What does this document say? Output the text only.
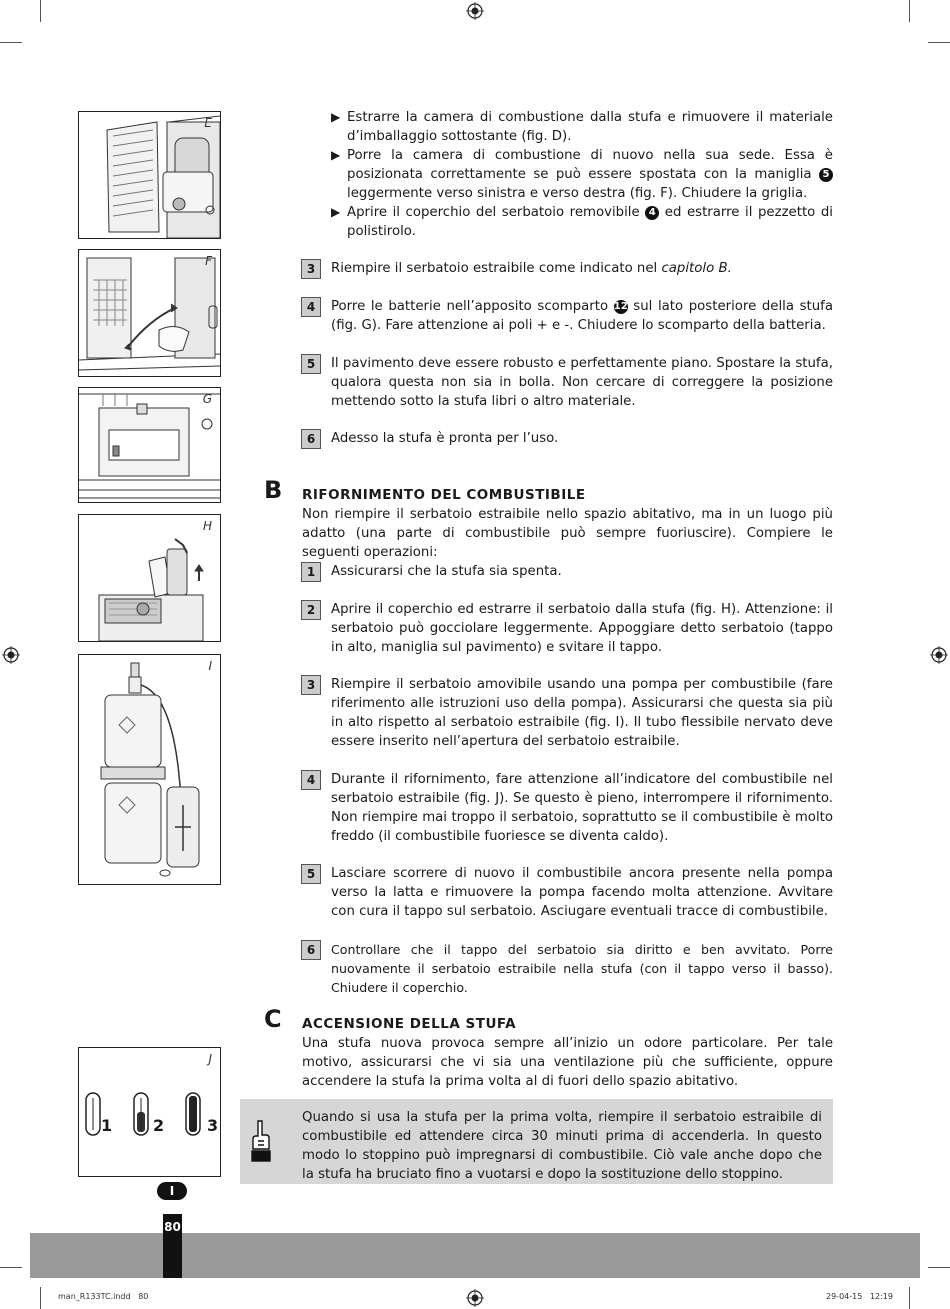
E
F
G
H
I
J
1	2	3
▶ Estrarre la camera di combustione dalla stufa e rimuovere il materiale d’imballaggio sottostante (fig. D).
▶ Porre la camera di combustione di nuovo nella sua sede. Essa è posizionata correttamente se può essere spostata con la maniglia 5 leggermente verso sinistra e verso destra (fig. F). Chiudere la griglia.
▶ Aprire il coperchio del serbatoio removibile 4 ed estrarre il pezzetto di polistirolo.
3	Riempire il serbatoio estraibile come indicato nel capitolo B.
4	Porre le batterie nell’apposito scomparto 12 sul lato posteriore della stufa (fig. G). Fare attenzione ai poli + e -. Chiudere lo scomparto della batteria.
5	Il pavimento deve essere robusto e perfettamente piano. Spostare la stufa, qualora questa non sia in bolla. Non cercare di correggere la posizione mettendo sotto la stufa libri o altro materiale.
6	Adesso la stufa è pronta per l’uso.
B RIFORNIMENTO DEL COMBUSTIBILE
Non riempire il serbatoio estraibile nello spazio abitativo, ma in un luogo più adatto (una parte di combustibile può sempre fuoriuscire). Compiere le seguenti operazioni:
1	Assicurarsi che la stufa sia spenta.
2	Aprire il coperchio ed estrarre il serbatoio dalla stufa (fig. H). Attenzione: il serbatoio può gocciolare leggermente. Appoggiare detto serbatoio (tappo in alto, maniglia sul pavimento) e svitare il tappo.
3	Riempire il serbatoio amovibile usando una pompa per combustibile (fare riferimento alle istruzioni uso della pompa). Assicurarsi che questa sia più in alto rispetto al serbatoio estraibile (fig. I). Il tubo flessibile nervato deve essere inserito nell’apertura del serbatoio estraibile.
4	Durante il rifornimento, fare attenzione all’indicatore del combustibile nel serbatoio estraibile (fig. J). Se questo è pieno, interrompere il rifornimento. Non riempire mai troppo il serbatoio, soprattutto se il combustibile è molto freddo (il combustibile fuoriesce se diventa caldo).
5	Lasciare scorrere di nuovo il combustibile ancora presente nella pompa verso la latta e rimuovere la pompa facendo molta attenzione. Avvitare con cura il tappo sul serbatoio. Asciugare eventuali tracce di combustibile.
6	Controllare che il tappo del serbatoio sia diritto e ben avvitato. Porre nuovamente il serbatoio estraibile nella stufa (con il tappo verso il basso). Chiudere il coperchio.
C ACCENSIONE DELLA STUFA
Una stufa nuova provoca sempre all’inizio un odore particolare. Per tale motivo, assicurarsi che vi sia una ventilazione più che sufficiente, oppure accendere la stufa la prima volta al di fuori dello spazio abitativo.
Quando si usa la stufa per la prima volta, riempire il serbatoio estraibile di combustibile ed attendere circa 30 minuti prima di accenderla. In questo modo lo stoppino può impregnarsi di combustibile. Ciò vale anche dopo che la stufa ha bruciato fino a vuotarsi e dopo la sostituzione dello stoppino.
I
80
man_R133TC.indd   80	29-04-15   12:19
